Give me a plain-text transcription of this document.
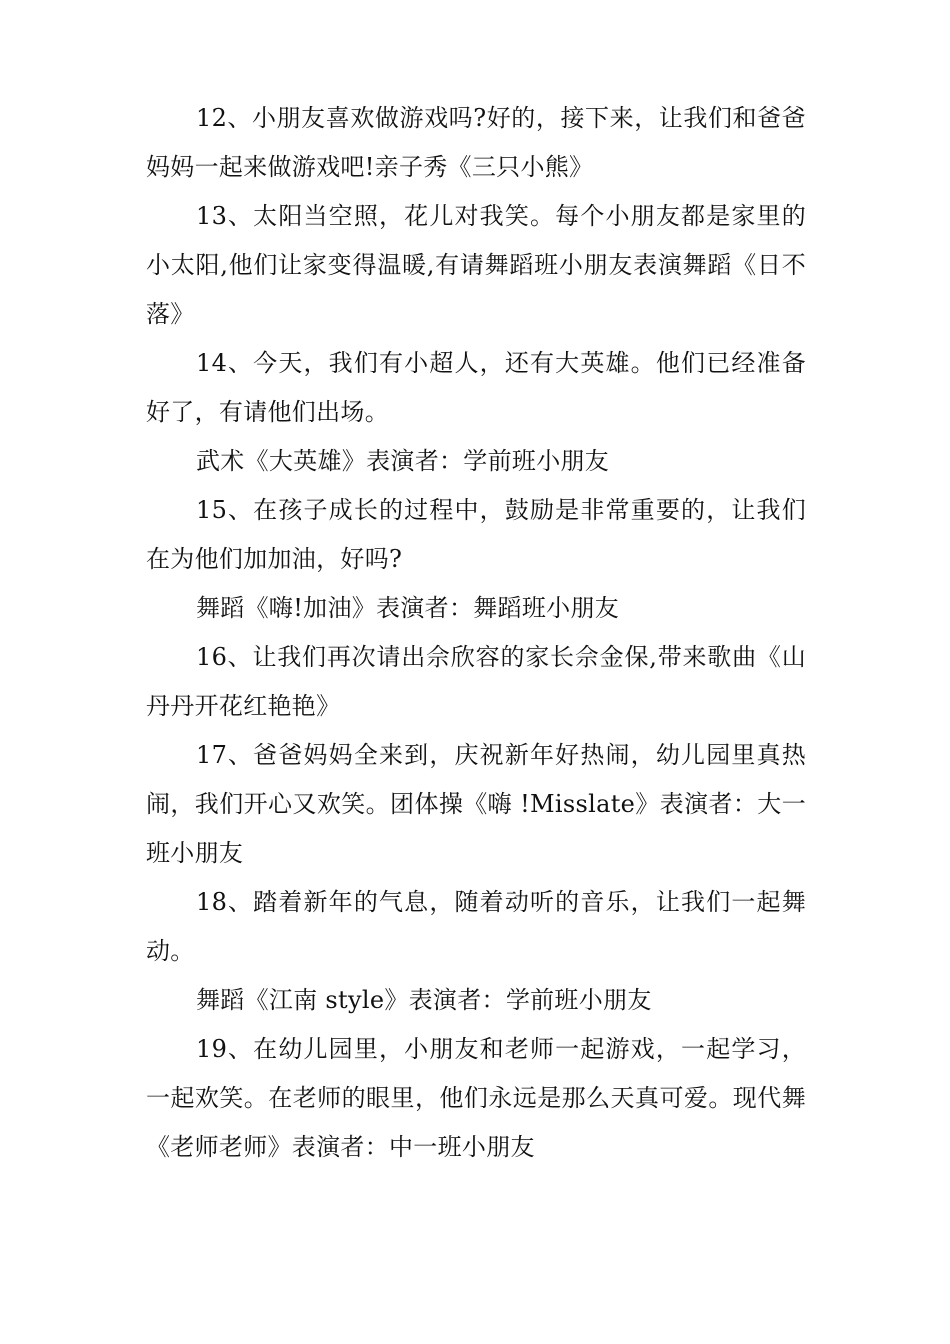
12、小朋友喜欢做游戏吗?好的，接下来，让我们和爸爸妈妈一起来做游戏吧!亲子秀《三只小熊》

13、太阳当空照，花儿对我笑。每个小朋友都是家里的小太阳,他们让家变得温暖,有请舞蹈班小朋友表演舞蹈《日不落》

14、今天，我们有小超人，还有大英雄。他们已经准备好了，有请他们出场。

武术《大英雄》表演者：学前班小朋友

15、在孩子成长的过程中，鼓励是非常重要的，让我们在为他们加加油，好吗?

舞蹈《嗨!加油》表演者：舞蹈班小朋友

16、让我们再次请出佘欣容的家长佘金保,带来歌曲《山丹丹开花红艳艳》

17、爸爸妈妈全来到，庆祝新年好热闹，幼儿园里真热闹，我们开心又欢笑。团体操《嗨 !Misslate》表演者：大一班小朋友

18、踏着新年的气息，随着动听的音乐，让我们一起舞动。

舞蹈《江南 style》表演者：学前班小朋友

19、在幼儿园里，小朋友和老师一起游戏，一起学习，一起欢笑。在老师的眼里，他们永远是那么天真可爱。现代舞《老师老师》表演者：中一班小朋友
